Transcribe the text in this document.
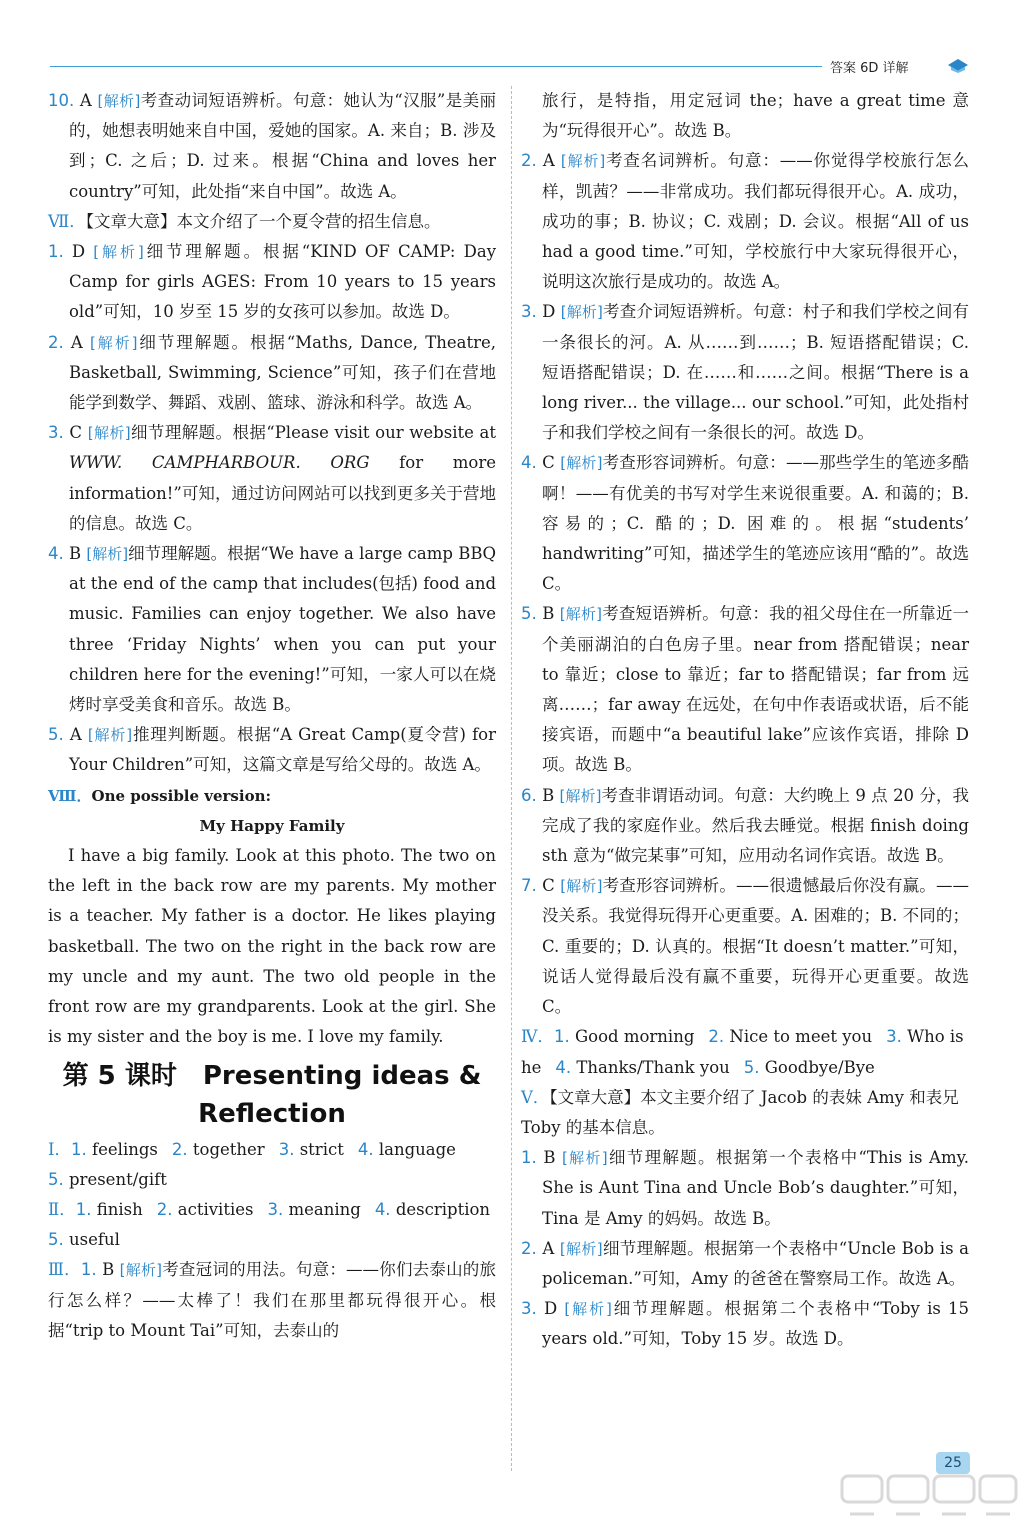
答案 6D 详解

10. A [解析]考查动词短语辨析。句意：她认为“汉服”是美丽的，她想表明她来自中国，爱她的国家。A. 来自；B. 涉及到；C. 之后；D. 过来。根据“China and loves her country”可知，此处指“来自中国”。故选 A。

Ⅶ．【文章大意】本文介绍了一个夏令营的招生信息。

1. D [解析]细节理解题。根据“KIND OF CAMP: Day Camp for girls AGES: From 10 years to 15 years old”可知，10 岁至 15 岁的女孩可以参加。故选 D。

2. A [解析]细节理解题。根据“Maths, Dance, Theatre, Basketball, Swimming, Science”可知，孩子们在营地能学到数学、舞蹈、戏剧、篮球、游泳和科学。故选 A。

3. C [解析]细节理解题。根据“Please visit our website at WWW. CAMPHARBOUR. ORG for more information!”可知，通过访问网站可以找到更多关于营地的信息。故选 C。

4. B [解析]细节理解题。根据“We have a large camp BBQ at the end of the camp that includes(包括) food and music. Families can enjoy together. We also have three ‘Friday Nights’ when you can put your children here for the evening!”可知，一家人可以在烧烤时享受美食和音乐。故选 B。

5. A [解析]推理判断题。根据“A Great Camp(夏令营) for Your Children”可知，这篇文章是写给父母的。故选 A。

Ⅷ．One possible version:

My Happy Family

I have a big family. Look at this photo. The two on the left in the back row are my parents. My mother is a teacher. My father is a doctor. He likes playing basketball. The two on the right in the back row are my uncle and my aunt. The two old people in the front row are my grandparents. Look at the girl. She is my sister and the boy is me. I love my family.

第 5 课时　Presenting ideas &
Reflection

Ⅰ．1. feelings 2. together 3. strict 4. language
5. present/gift

Ⅱ．1. finish 2. activities 3. meaning 4. description
5. useful

Ⅲ．1. B [解析]考查冠词的用法。句意：——你们去泰山的旅行怎么样？——太棒了！我们在那里都玩得很开心。根据“trip to Mount Tai”可知，去泰山的

旅行，是特指，用定冠词 the；have a great time 意为“玩得很开心”。故选 B。

2. A [解析]考查名词辨析。句意：——你觉得学校旅行怎么样，凯茜？——非常成功。我们都玩得很开心。A. 成功，成功的事；B. 协议；C. 戏剧；D. 会议。根据“All of us had a good time.”可知，学校旅行中大家玩得很开心，说明这次旅行是成功的。故选 A。

3. D [解析]考查介词短语辨析。句意：村子和我们学校之间有一条很长的河。A. 从……到……；B. 短语搭配错误；C. 短语搭配错误；D. 在……和……之间。根据“There is a long river... the village... our school.”可知，此处指村子和我们学校之间有一条很长的河。故选 D。

4. C [解析]考查形容词辨析。句意：——那些学生的笔迹多酷啊！——有优美的书写对学生来说很重要。A. 和蔼的；B. 容易的；C. 酷的；D. 困难的。根据“students’ handwriting”可知，描述学生的笔迹应该用“酷的”。故选 C。

5. B [解析]考查短语辨析。句意：我的祖父母住在一所靠近一个美丽湖泊的白色房子里。near from 搭配错误；near to 靠近；close to 靠近；far to 搭配错误；far from 远离……；far away 在远处，在句中作表语或状语，后不能接宾语，而题中“a beautiful lake”应该作宾语，排除 D 项。故选 B。

6. B [解析]考查非谓语动词。句意：大约晚上 9 点 20 分，我完成了我的家庭作业。然后我去睡觉。根据 finish doing sth 意为“做完某事”可知，应用动名词作宾语。故选 B。

7. C [解析]考查形容词辨析。——很遗憾最后你没有赢。——没关系。我觉得玩得开心更重要。A. 困难的；B. 不同的；C. 重要的；D. 认真的。根据“It doesn’t matter.”可知，说话人觉得最后没有赢不重要，玩得开心更重要。故选 C。

Ⅳ．1. Good morning 2. Nice to meet you 3. Who is he 4. Thanks/Thank you 5. Goodbye/Bye

Ⅴ．【文章大意】本文主要介绍了 Jacob 的表妹 Amy 和表兄 Toby 的基本信息。

1. B [解析]细节理解题。根据第一个表格中“This is Amy. She is Aunt Tina and Uncle Bob’s daughter.”可知，Tina 是 Amy 的妈妈。故选 B。

2. A [解析]细节理解题。根据第一个表格中“Uncle Bob is a policeman.”可知，Amy 的爸爸在警察局工作。故选 A。

3. D [解析]细节理解题。根据第二个表格中“Toby is 15 years old.”可知，Toby 15 岁。故选 D。

25
